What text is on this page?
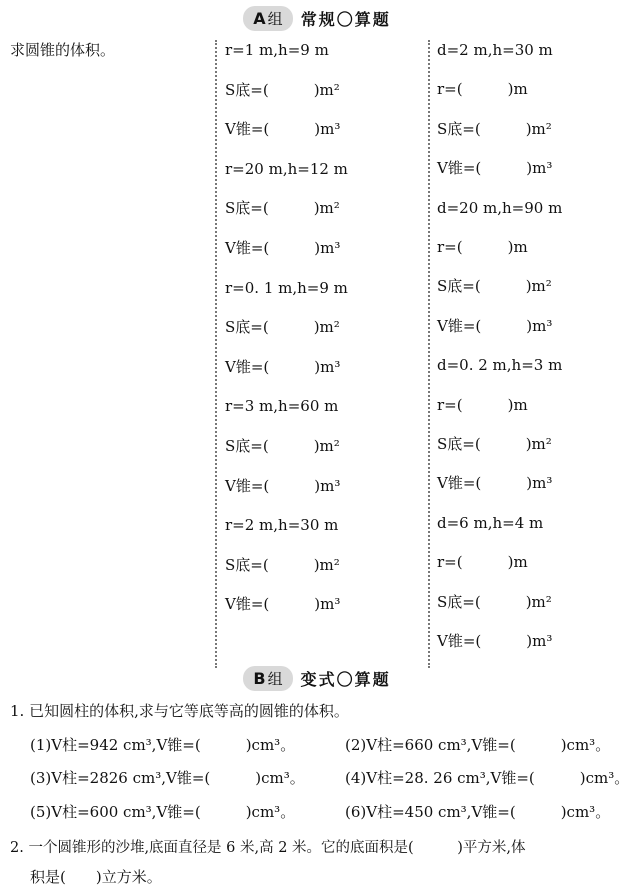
A 组 常规〇算题
求圆锥的体积。	r=1 m,h=9 m
S底=(　　　)m²
V锥=(　　　)m³
r=20 m,h=12 m
S底=(　　　)m²
V锥=(　　　)m³
r=0. 1 m,h=9 m
S底=(　　　)m²
V锥=(　　　)m³
r=3 m,h=60 m
S底=(　　　)m²
V锥=(　　　)m³
r=2 m,h=30 m
S底=(　　　)m²
V锥=(　　　)m³
d=2 m,h=30 m
r=(　　　)m
S底=(　　　)m²
V锥=(　　　)m³
d=20 m,h=90 m
r=(　　　)m
S底=(　　　)m²
V锥=(　　　)m³
d=0. 2 m,h=3 m
r=(　　　)m
S底=(　　　)m²
V锥=(　　　)m³
d=6 m,h=4 m
r=(　　　)m
S底=(　　　)m²
V锥=(　　　)m³
B 组 变式〇算题
1. 已知圆柱的体积,求与它等底等高的圆锥的体积。
(1)V柱=942 cm³,V锥=(　　　)cm³。	(2)V柱=660 cm³,V锥=(　　　)cm³。
(3)V柱=2826 cm³,V锥=(　　　)cm³。	(4)V柱=28. 26 cm³,V锥=(　　　)cm³。
(5)V柱=600 cm³,V锥=(　　　)cm³。	(6)V柱=450 cm³,V锥=(　　　)cm³。
2. 一个圆锥形的沙堆,底面直径是 6 米,高 2 米。它的底面积是(　　　)平方米,体
积是(　　)立方米。
